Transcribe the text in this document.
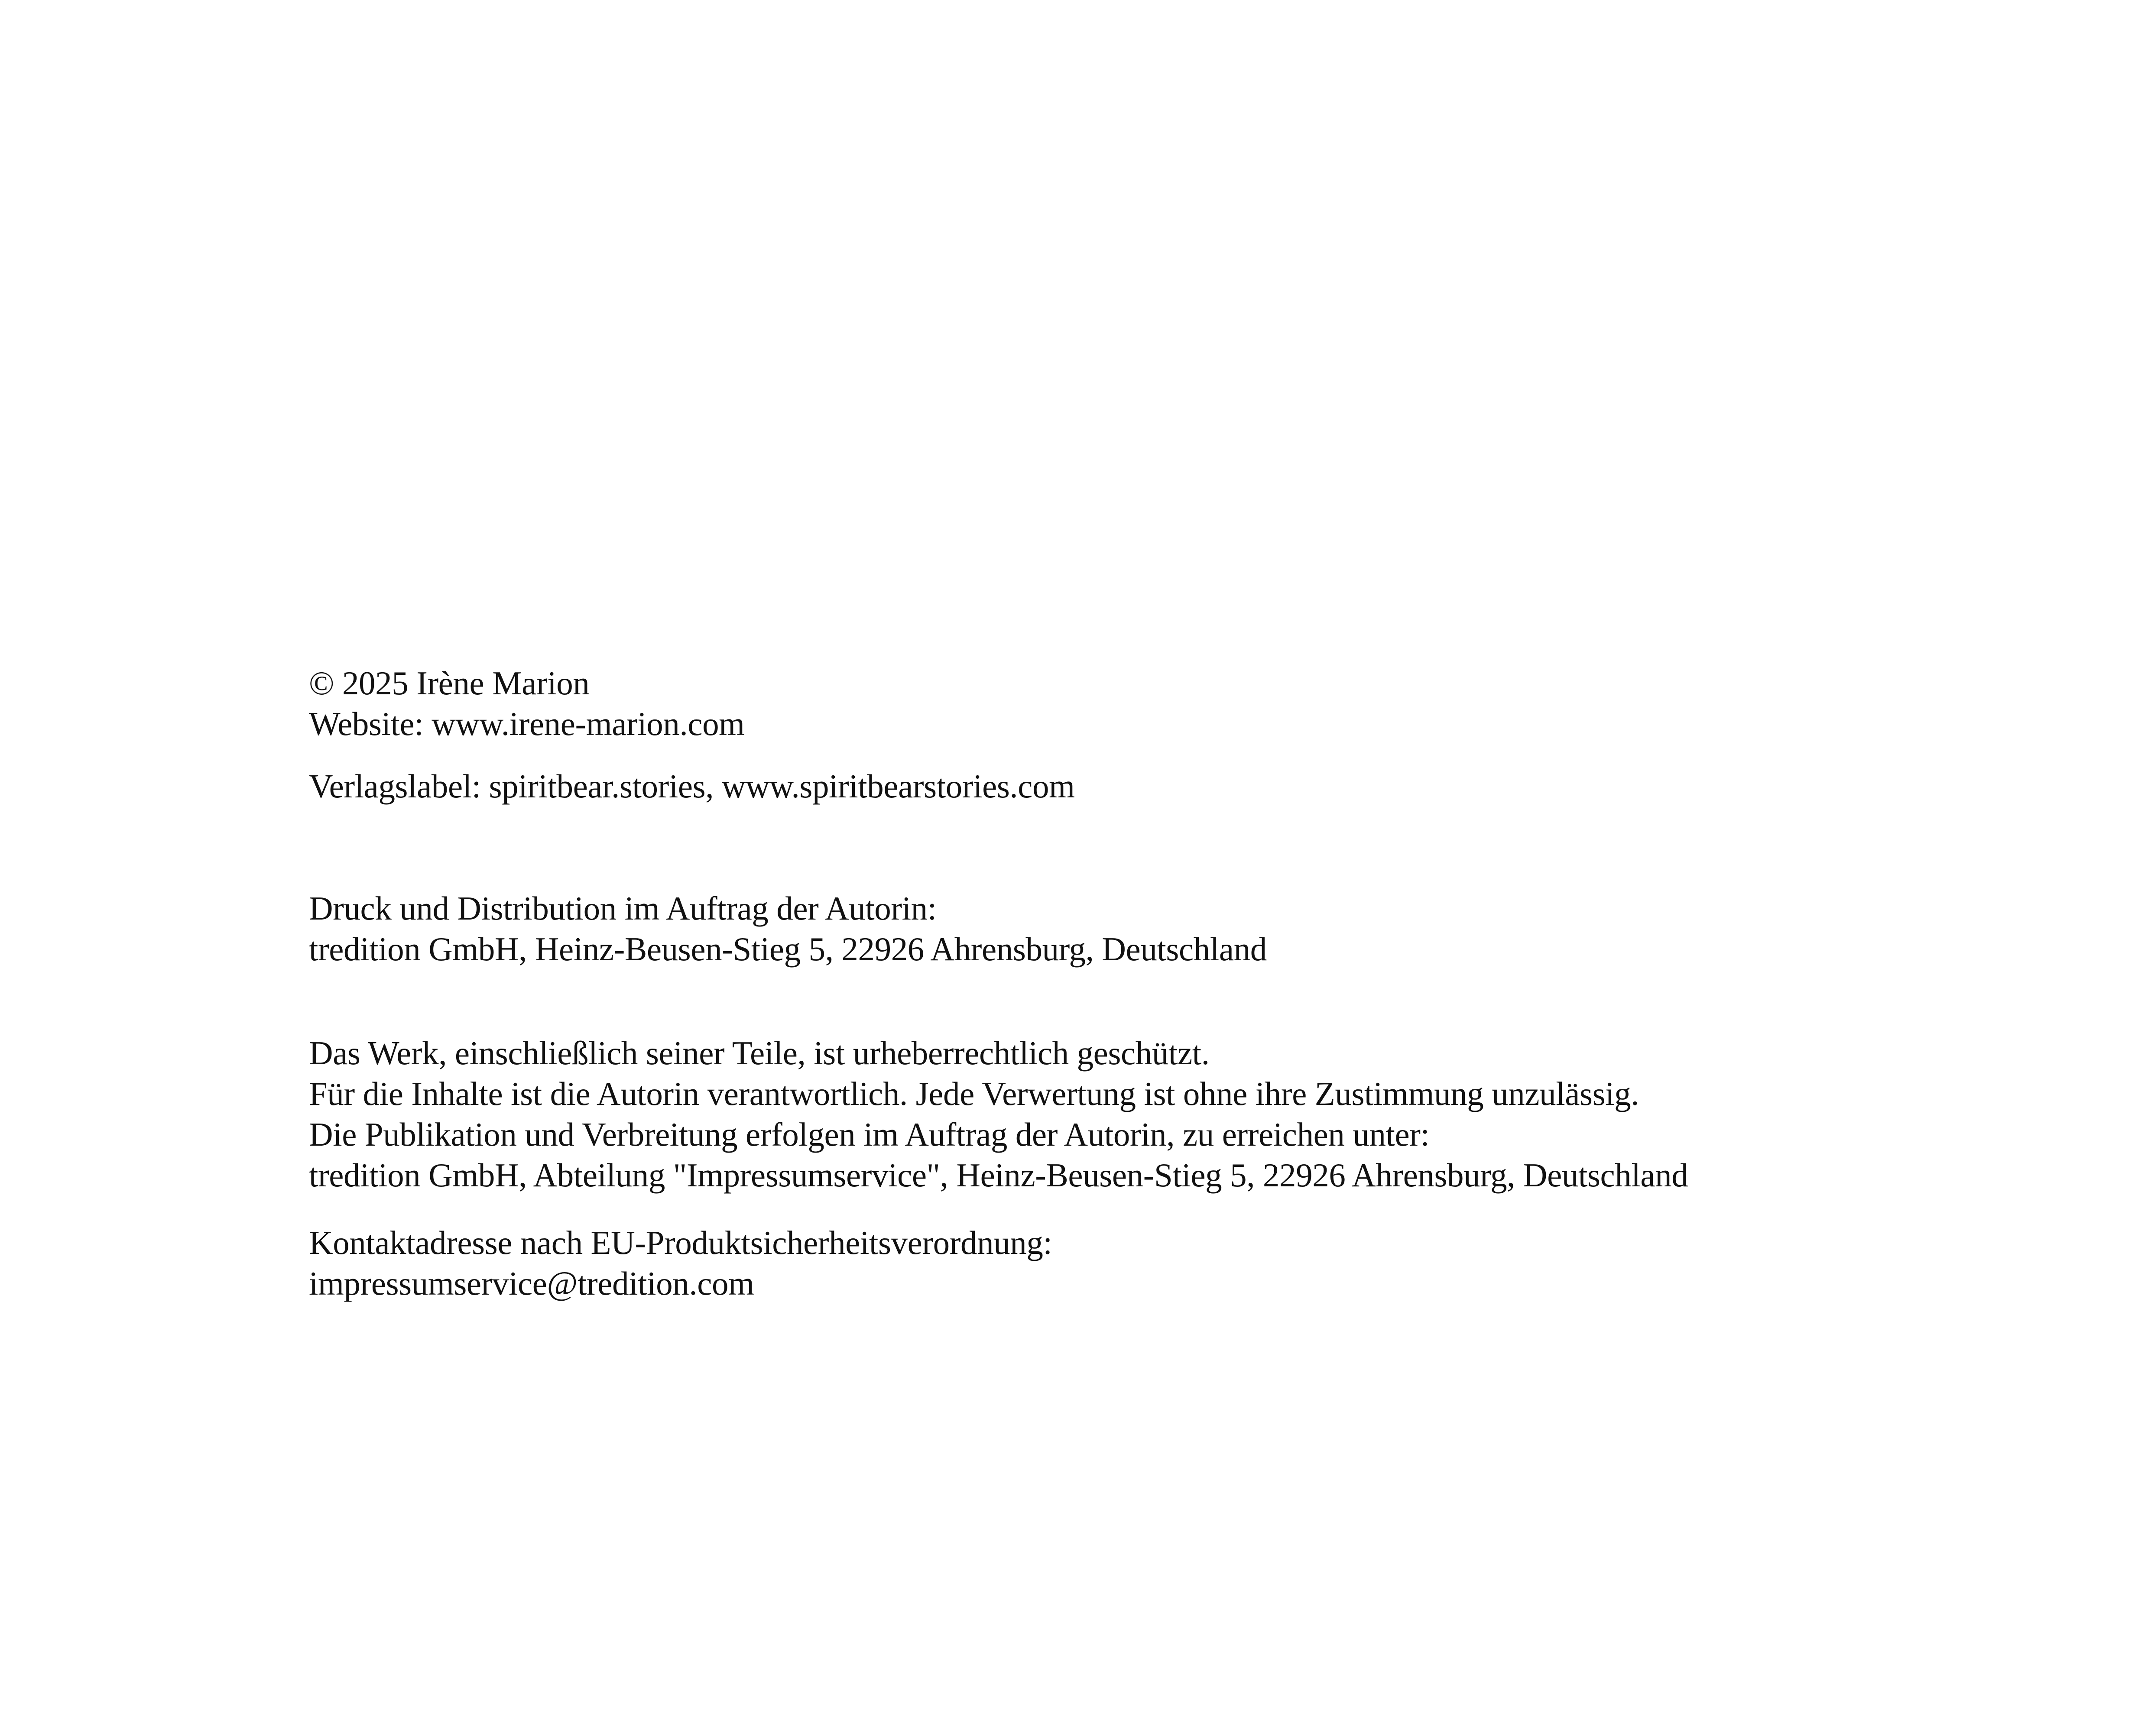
© 2025 Irène Marion
Website: www.irene-marion.com
Verlagslabel: spiritbear.stories, www.spiritbearstories.com
Druck und Distribution im Auftrag der Autorin:
tredition GmbH, Heinz-Beusen-Stieg 5, 22926 Ahrensburg, Deutschland
Das Werk, einschließlich seiner Teile, ist urheberrechtlich geschützt.
Für die Inhalte ist die Autorin verantwortlich. Jede Verwertung ist ohne ihre Zustimmung unzulässig.
Die Publikation und Verbreitung erfolgen im Auftrag der Autorin, zu erreichen unter:
tredition GmbH, Abteilung "Impressumservice", Heinz-Beusen-Stieg 5, 22926 Ahrensburg, Deutschland
Kontaktadresse nach EU-Produktsicherheitsverordnung:
impressumservice@tredition.com
